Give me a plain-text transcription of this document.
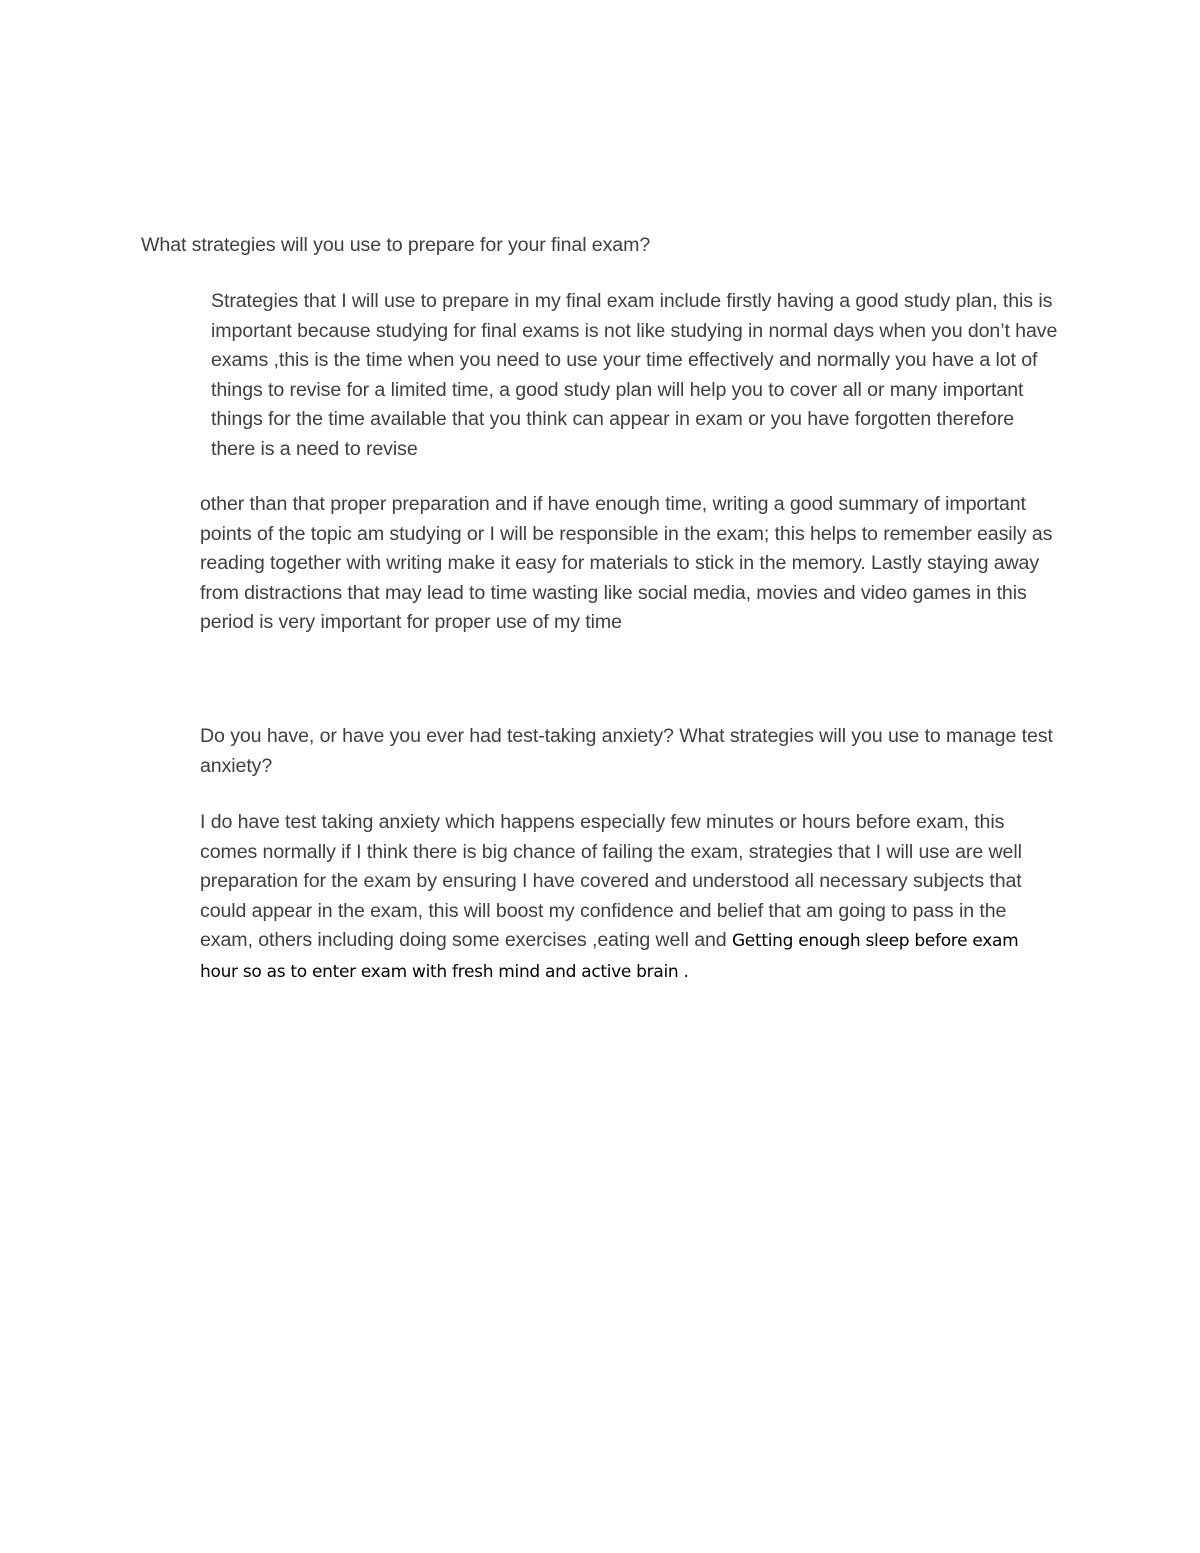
What strategies will you use to prepare for your final exam?

Strategies that I will use to prepare in my final exam include firstly having a good study plan, this is important because studying for final exams is not like studying in normal days when you don’t have exams ,this is the time when you need to use your time effectively and normally you have a lot of things to revise for a limited time, a good study plan will help you to cover all or many important things for the time available that you think can appear in exam or you have forgotten therefore there is a need to revise

other than that proper preparation and if have enough time, writing a good summary of important points of the topic am studying or I will be responsible in the exam; this helps to remember easily as reading together with writing make it easy for materials to stick in the memory. Lastly staying away from distractions that may lead to time wasting like social media, movies and video games in this period is very important for proper use of my time

Do you have, or have you ever had test-taking anxiety? What strategies will you use to manage test anxiety?

I do have test taking anxiety which happens especially few minutes or hours before exam, this comes normally if I think there is big chance of failing the exam, strategies that I will use are well preparation for the exam by ensuring I have covered and understood all necessary subjects that could appear in the exam, this will boost my confidence and belief that am going to pass in the exam, others including doing some exercises ,eating well and Getting enough sleep before exam hour so as to enter exam with fresh mind and active brain .
